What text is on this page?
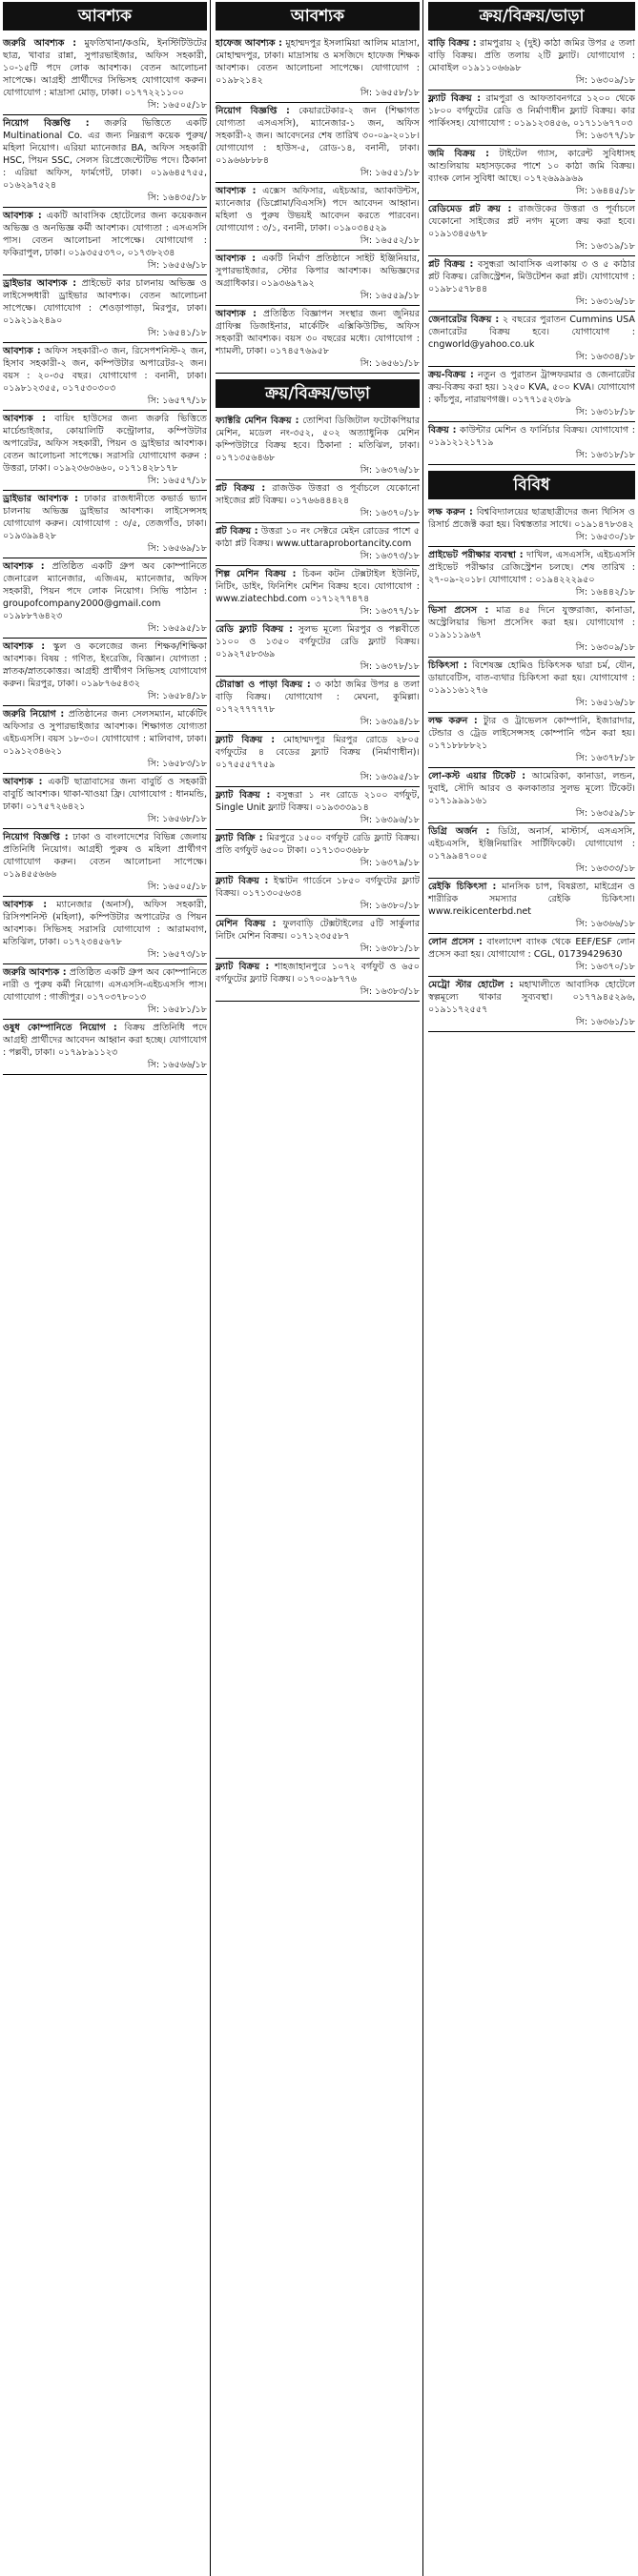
আবশ্যক
জরুরি আবশ্যক : মুফতিখানা/কওমি, ইনস্টিটিউটের ছাত্র, খাবার রান্না, সুপারভাইজার, অফিস সহকারী, ১০-১৫টি পদে লোক আবশ্যক। বেতন আলোচনা সাপেক্ষে। আগ্রহী প্রার্থীদের সিভিসহ যোগাযোগ করুন। যোগাযোগ : মাদ্রাসা মোড়, ঢাকা। ০১৭৭২২১১০০
সি: ১৬৫০৫/১৮
নিয়োগ বিজ্ঞপ্তি : জরুরি ভিত্তিতে একটি Multinational Co. এর জন্য নিম্নরূপ কয়েক পুরুষ/মহিলা নিয়োগ। এরিয়া ম্যানেজার BA, অফিস সহকারী HSC, পিয়ন SSC, সেলস রিপ্রেজেন্টেটিভ পদে। ঠিকানা : এরিয়া অফিস, ফার্মগেট, ঢাকা। ০১৯৬৪৫৭৫৫, ০১৬২৯৭৫২৪
সি: ১৬৪৩৫/১৮
আবশ্যক : একটি আবাসিক হোটেলের জন্য কয়েকজন অভিজ্ঞ ও অনভিজ্ঞ কর্মী আবশ্যক। যোগ্যতা : এসএসসি পাস। বেতন আলোচনা সাপেক্ষে। যোগাযোগ : ফকিরাপুল, ঢাকা। ০১৯৩৫৫৩৭০, ০১৭৩৮২৩৪
সি: ১৬৫৫৬/১৮
ড্রাইভার আবশ্যক : প্রাইভেট কার চালনায় অভিজ্ঞ ও লাইসেন্সধারী ড্রাইভার আবশ্যক। বেতন আলোচনা সাপেক্ষে। যোগাযোগ : শেওড়াপাড়া, মিরপুর, ঢাকা। ০১৯২১৯২৪৯০
সি: ১৬৫৪১/১৮
আবশ্যক : অফিস সহকারী-৩ জন, রিসেপশনিস্ট-২ জন, হিসাব সহকারী-২ জন, কম্পিউটার অপারেটর-২ জন। বয়স : ২০-৩৫ বছর। যোগাযোগ : বনানী, ঢাকা। ০১৯৮১২৩৫৫, ০১৭৫৩০৩০৩
সি: ১৬৫৭৭/১৮
আবশ্যক : বায়িং হাউসের জন্য জরুরি ভিত্তিতে মার্চেন্ডাইজার, কোয়ালিটি কন্ট্রোলার, কম্পিউটার অপারেটর, অফিস সহকারী, পিয়ন ও ড্রাইভার আবশ্যক। বেতন আলোচনা সাপেক্ষে। সরাসরি যোগাযোগ করুন : উত্তরা, ঢাকা। ০১৯২৩৬৩৬৬০, ০১৭১৪২৮১৭৮
সি: ১৬৫৫৭/১৮
ড্রাইভার আবশ্যক : ঢাকার রাজধানীতে কভার্ড ভ্যান চালনায় অভিজ্ঞ ড্রাইভার আবশ্যক। লাইসেন্সসহ যোগাযোগ করুন। যোগাযোগ : ৩/৫, তেজগাঁও, ঢাকা। ০১৯৩৯৯৪২৮
সি: ১৬৫৬৯/১৮
আবশ্যক : প্রতিষ্ঠিত একটি গ্রুপ অব কোম্পানিতে জেনারেল ম্যানেজার, এজিএম, ম্যানেজার, অফিস সহকারী, পিয়ন পদে লোক নিয়োগ। সিভি পাঠান : groupofcompany2000@gmail.com ০১৯৮৮৭৬৪২৩
সি: ১৬৫৯৫/১৮
আবশ্যক : স্কুল ও কলেজের জন্য শিক্ষক/শিক্ষিকা আবশ্যক। বিষয় : গণিত, ইংরেজি, বিজ্ঞান। যোগ্যতা : স্নাতক/স্নাতকোত্তর। আগ্রহী প্রার্থীগণ সিভিসহ যোগাযোগ করুন। মিরপুর, ঢাকা। ০১৯৮৭৬৫৪৩২
সি: ১৬৫৮৪/১৮
জরুরি নিয়োগ : প্রতিষ্ঠানের জন্য সেলসম্যান, মার্কেটিং অফিসার ও সুপারভাইজার আবশ্যক। শিক্ষাগত যোগ্যতা এইচএসসি। বয়স ১৮-৩০। যোগাযোগ : মালিবাগ, ঢাকা। ০১৯১২৩৪৬২১
সি: ১৬৫৮৩/১৮
আবশ্যক : একটি ছাত্রাবাসের জন্য বাবুর্চি ও সহকারী বাবুর্চি আবশ্যক। থাকা-খাওয়া ফ্রি। যোগাযোগ : ধানমন্ডি, ঢাকা। ০১৭৫৭২৬৪২১
সি: ১৬৫৬৮/১৮
নিয়োগ বিজ্ঞপ্তি : ঢাকা ও বাংলাদেশের বিভিন্ন জেলায় প্রতিনিধি নিয়োগ। আগ্রহী পুরুষ ও মহিলা প্রার্থীগণ যোগাযোগ করুন। বেতন আলোচনা সাপেক্ষে। ০১৯৪৫৫৬৬৬
সি: ১৬৫০৫/১৮
আবশ্যক : ম্যানেজার (অনার্স), অফিস সহকারী, রিসিপশনিস্ট (মহিলা), কম্পিউটার অপারেটর ও পিয়ন আবশ্যক। সিভিসহ সরাসরি যোগাযোগ : আরামবাগ, মতিঝিল, ঢাকা। ০১৭২৩৪৫৬৭৮
সি: ১৬৫৭৩/১৮
জরুরি আবশ্যক : প্রতিষ্ঠিত একটি গ্রুপ অব কোম্পানিতে নারী ও পুরুষ কর্মী নিয়োগ। এসএসসি-এইচএসসি পাস। যোগাযোগ : গাজীপুর। ০১৭০৩৭৮০১৩
সি: ১৬৫৮১/১৮
ওষুধ কোম্পানিতে নিয়োগ : বিক্রয় প্রতিনিধি পদে আগ্রহী প্রার্থীদের আবেদন আহ্বান করা হচ্ছে। যোগাযোগ : পল্লবী, ঢাকা। ০১৭৯৮৯১১২৩
সি: ১৬৫৬৬/১৮
আবশ্যক
হাফেজ আবশ্যক : মুহাম্মদপুর ইসলামিয়া আলিম মাদ্রাসা, মোহাম্মদপুর, ঢাকা। মাদ্রাসায় ও মসজিদে হাফেজ শিক্ষক আবশ্যক। বেতন আলোচনা সাপেক্ষে। যোগাযোগ : ০১৯৮২১৪২
সি: ১৬৫৫৮/১৮
নিয়োগ বিজ্ঞপ্তি : কেয়ারটেকার-২ জন (শিক্ষাগত যোগ্যতা এসএসসি), ম্যানেজার-১ জন, অফিস সহকারী-২ জন। আবেদনের শেষ তারিখ ৩০-০৯-২০১৮। যোগাযোগ : হাউস-৫, রোড-১৪, বনানী, ঢাকা। ০১৯৬৬৮৮৮৪
সি: ১৬৫৫১/১৮
আবশ্যক : এক্সেস অফিসার, এইচআর, অ্যাকাউন্টস, ম্যানেজার (ডিপ্লোমা/বিএসসি) পদে আবেদন আহ্বান। মহিলা ও পুরুষ উভয়ই আবেদন করতে পারবেন। যোগাযোগ : ৩/১, বনানী, ঢাকা। ০১৯০৩৪৫২৯
সি: ১৬৫৫২/১৮
আবশ্যক : একটি নির্মাণ প্রতিষ্ঠানে সাইট ইঞ্জিনিয়ার, সুপারভাইজার, স্টোর কিপার আবশ্যক। অভিজ্ঞদের অগ্রাধিকার। ০১৯৩৬৯৭৯২
সি: ১৬৫৫৯/১৮
আবশ্যক : প্রতিষ্ঠিত বিজ্ঞাপন সংস্থার জন্য জুনিয়র গ্রাফিক্স ডিজাইনার, মার্কেটিং এক্সিকিউটিভ, অফিস সহকারী আবশ্যক। বয়স ৩০ বছরের মধ্যে। যোগাযোগ : শ্যামলী, ঢাকা। ০১৭৪৫৭৬৯৫৮
সি: ১৬৫৬১/১৮
ক্রয়/বিক্রয়/ভাড়া
ফ্যাক্টরি মেশিন বিক্রয় : তোশিবা ডিজিটাল ফটোকপিয়ার মেশিন, মডেল নং-৩৫২, ৫০২ অত্যাধুনিক মেশিন কম্পিউটারে বিক্রয় হবে। ঠিকানা : মতিঝিল, ঢাকা। ০১৭১৩৫৬৪৬৮
সি: ১৬৩৭৬/১৮
প্লট বিক্রয় : রাজউক উত্তরা ও পূর্বাচলে যেকোনো সাইজের প্লট বিক্রয়। ০১৭৬৬৪৪৪২৪
সি: ১৬৩৭০/১৮
প্লট বিক্রয় : উত্তরা ১০ নং সেক্টরে মেইন রোডের পাশে ৫ কাঠা প্লট বিক্রয়। www.uttaraprobortancity.com
সি: ১৬৩৭৩/১৮
শিল্প মেশিন বিক্রয় : চিকন কটন টেক্সটাইল ইউনিট, নিটিং, ডাইং, ফিনিশিং মেশিন বিক্রয় হবে। যোগাযোগ : www.ziatechbd.com ০১৭১২৭৭৪৭৪
সি: ১৬৩৭৭/১৮
রেডি ফ্ল্যাট বিক্রয় : সুলভ মূল্যে মিরপুর ও পল্লবীতে ১১০০ ও ১৩৫০ বর্গফুটের রেডি ফ্ল্যাট বিক্রয়। ০১৯২৭৫৮৩৬৯
সি: ১৬৩৭৮/১৮
চৌরাস্তা ও পাড়া বিক্রয় : ৩ কাঠা জমির উপর ৪ তলা বাড়ি বিক্রয়। যোগাযোগ : মেঘনা, কুমিল্লা। ০১৭২৭৭৭৭৭৮
সি: ১৬৩৯৪/১৮
ফ্ল্যাট বিক্রয় : মোহাম্মদপুর মিরপুর রোডে ২৮০৫ বর্গফুটের ৪ বেডের ফ্ল্যাট বিক্রয় (নির্মাণাধীন)। ০১৭৫৫৫৭৭৫৯
সি: ১৬৩৯৫/১৮
ফ্ল্যাট বিক্রয় : বসুন্ধরা ১ নং রোডে ২১০০ বর্গফুট, Single Unit ফ্ল্যাট বিক্রয়। ০১৯৩৩৩৯১৪
সি: ১৬৩৯৬/১৮
ফ্ল্যাট বিক্রি : মিরপুরে ১৫০০ বর্গফুট রেডি ফ্ল্যাট বিক্রয়। প্রতি বর্গফুট ৬৫০০ টাকা। ০১৭১৩০৩৬৮৮
সি: ১৬৩৭৯/১৮
ফ্ল্যাট বিক্রয় : ইস্কাটন গার্ডেনে ১৮৫০ বর্গফুটের ফ্ল্যাট বিক্রয়। ০১৭১৩০৫৬৩৪
সি: ১৬৩৮০/১৮
মেশিন বিক্রয় : ফুলবাড়ি টেক্সটাইলের ৫টি সার্কুলার নিটিং মেশিন বিক্রয়। ০১৭১২৩৫৫৮৭
সি: ১৬৩৮১/১৮
ফ্ল্যাট বিক্রয় : শাহজাহানপুরে ১০৭২ বর্গফুট ও ৬৫০ বর্গফুটের ফ্ল্যাট বিক্রয়। ০১৭০০৯৮৭৭৬
সি: ১৬৩৮৩/১৮
ক্রয়/বিক্রয়/ভাড়া
বাড়ি বিক্রয় : রামপুরায় ২ (দুই) কাঠা জমির উপর ৫ তলা বাড়ি বিক্রয়। প্রতি তলায় ২টি ফ্ল্যাট। যোগাযোগ : মোবাইল ০১৯১১০৬৬৯৮
সি: ১৬৩০৯/১৮
ফ্ল্যাট বিক্রয় : রামপুরা ও আফতাবনগরে ১২০০ থেকে ১৮০০ বর্গফুটের রেডি ও নির্মাণাধীন ফ্ল্যাট বিক্রয়। কার পার্কিংসহ। যোগাযোগ : ০১৯১২৩৪৫৬, ০১৭১১৬৭৭০৩
সি: ১৬৩৭৭/১৮
জমি বিক্রয় : টাইটেল গ্যাস, কারেন্ট সুবিধাসহ আশুলিয়ায় মহাসড়কের পাশে ১০ কাঠা জমি বিক্রয়। ব্যাংক লোন সুবিধা আছে। ০১৭২৬৯৯৯৬৯
সি: ১৬৪৪৫/১৮
রেডিমেড প্লট ক্রয় : রাজউকের উত্তরা ও পূর্বাচলে যেকোনো সাইজের প্লট নগদ মূল্যে ক্রয় করা হবে। ০১৯১৩৪৫৬৭৮
সি: ১৬৩১৯/১৮
প্লট বিক্রয় : বসুন্ধরা আবাসিক এলাকায় ৩ ও ৫ কাঠার প্লট বিক্রয়। রেজিস্ট্রেশন, মিউটেশন করা প্লট। যোগাযোগ : ০১৯৮১৫৭৮৪৪
সি: ১৬৩১৬/১৮
জেনারেটর বিক্রয় : ২ বছরের পুরাতন Cummins USA জেনারেটর বিক্রয় হবে। যোগাযোগ : cngworld@yahoo.co.uk
সি: ১৬৩৩৪/১৮
ক্রয়-বিক্রয় : নতুন ও পুরাতন ট্রান্সফরমার ও জেনারেটর ক্রয়-বিক্রয় করা হয়। ১২৫০ KVA, ৫০০ KVA। যোগাযোগ : কাঁচপুর, নারায়ণগঞ্জ। ০১৭৭১৫২৩৮৯
সি: ১৬৩১৮/১৮
বিক্রয় : কাউন্টার মেশিন ও ফার্নিচার বিক্রয়। যোগাযোগ : ০১৯১২১২১৭১৯
সি: ১৬৩১৮/১৮
বিবিধ
লক্ষ করুন : বিশ্ববিদ্যালয়ের ছাত্রছাত্রীদের জন্য থিসিস ও রিসার্চ প্রজেক্ট করা হয়। বিশ্বস্ততার সাথে। ০১৯১৪৭৮৩৪২
সি: ১৬৫৩০/১৮
প্রাইভেট পরীক্ষার ব্যবস্থা : দাখিল, এসএসসি, এইচএসসি প্রাইভেট পরীক্ষার রেজিস্ট্রেশন চলছে। শেষ তারিখ : ২৭-০৯-২০১৮। যোগাযোগ : ০১৯৪২২২৯৫০
সি: ১৬৪৪২/১৮
ভিসা প্রসেস : মাত্র ৪৫ দিনে যুক্তরাজ্য, কানাডা, অস্ট্রেলিয়ার ভিসা প্রসেসিং করা হয়। যোগাযোগ : ০১৯১১১৯৬৭
সি: ১৬৩০৯/১৮
চিকিৎসা : বিশেষজ্ঞ হোমিও চিকিৎসক দ্বারা চর্ম, যৌন, ডায়াবেটিস, বাত-ব্যথার চিকিৎসা করা হয়। যোগাযোগ : ০১৯১১৬১২৭৬
সি: ১৬৫১৬/১৮
লক্ষ করুন : ট্যুর ও ট্রাভেলস কোম্পানি, ইজারাদার, টেন্ডার ও ট্রেড লাইসেন্সসহ কোম্পানি গঠন করা হয়। ০১৭১৮৮৮৮২১
সি: ১৬৩৭৮/১৮
লো-কস্ট এয়ার টিকেট : আমেরিকা, কানাডা, লন্ডন, দুবাই, সৌদি আরব ও কলকাতার সুলভ মূল্যে টিকেট। ০১৭১৯৯৯১৬১
সি: ১৬৩৫৯/১৮
ডিগ্রি অর্জন : ডিগ্রি, অনার্স, মাস্টার্স, এসএসসি, এইচএসসি, ইঞ্জিনিয়ারিং সার্টিফিকেট। যোগাযোগ : ০১৭৯৯৪৭০০৫
সি: ১৬৩৩৩/১৮
রেইকি চিকিৎসা : মানসিক চাপ, বিষণ্ণতা, মাইগ্রেন ও শারীরিক সমস্যার রেইকি চিকিৎসা। www.reikicenterbd.net
সি: ১৬৩৬৬/১৮
লোন প্রসেস : বাংলাদেশ ব্যাংক থেকে EEF/ESF লোন প্রসেস করা হয়। যোগাযোগ : CGL, 01739429630
সি: ১৬৩৭০/১৮
মেট্রো স্টার হোটেল : মহাখালীতে আবাসিক হোটেলে স্বল্পমূল্যে থাকার সুব্যবস্থা। ০১৭৭৯৪৫২৯৬, ০১৯১১৭২৫৫৭
সি: ১৬৩৬১/১৮
